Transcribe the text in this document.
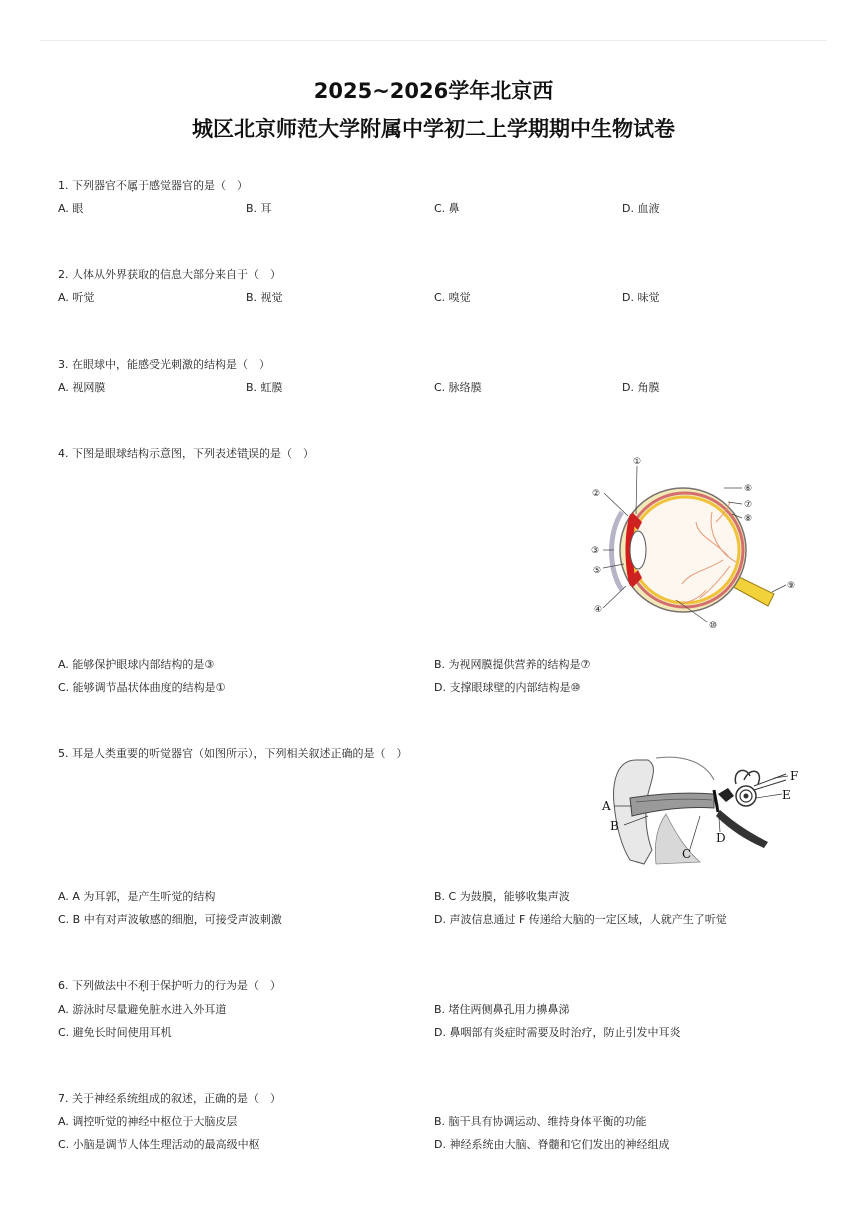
2025~2026学年北京西
城区北京师范大学附属中学初二上学期期中生物试卷
1. 下列器官不属于感觉器官的是（　）
A. 眼	B. 耳	C. 鼻	D. 血液
2. 人体从外界获取的信息大部分来自于（　）
A. 听觉	B. 视觉	C. 嗅觉	D. 味觉
3. 在眼球中，能感受光刺激的结构是（　）
A. 视网膜	B. 虹膜	C. 脉络膜	D. 角膜
4. 下图是眼球结构示意图，下列表述错误的是（　）
①
②
③
⑤
④
⑥
⑦
⑧
⑨
⑩
A. 能够保护眼球内部结构的是③	B. 为视网膜提供营养的结构是⑦
C. 能够调节晶状体曲度的结构是①	D. 支撑眼球壁的内部结构是⑩
5. 耳是人类重要的听觉器官（如图所示），下列相关叙述正确的是（　）
A
B
C
D
E
F
A. A 为耳郭，是产生听觉的结构	B. C 为鼓膜，能够收集声波
C. B 中有对声波敏感的细胞，可接受声波刺激	D. 声波信息通过 F 传递给大脑的一定区域，人就产生了听觉
6. 下列做法中不利于保护听力的行为是（　）
A. 游泳时尽量避免脏水进入外耳道	B. 堵住两侧鼻孔用力擤鼻涕
C. 避免长时间使用耳机	D. 鼻咽部有炎症时需要及时治疗，防止引发中耳炎
7. 关于神经系统组成的叙述，正确的是（　）
A. 调控听觉的神经中枢位于大脑皮层	B. 脑干具有协调运动、维持身体平衡的功能
C. 小脑是调节人体生理活动的最高级中枢	D. 神经系统由大脑、脊髓和它们发出的神经组成
